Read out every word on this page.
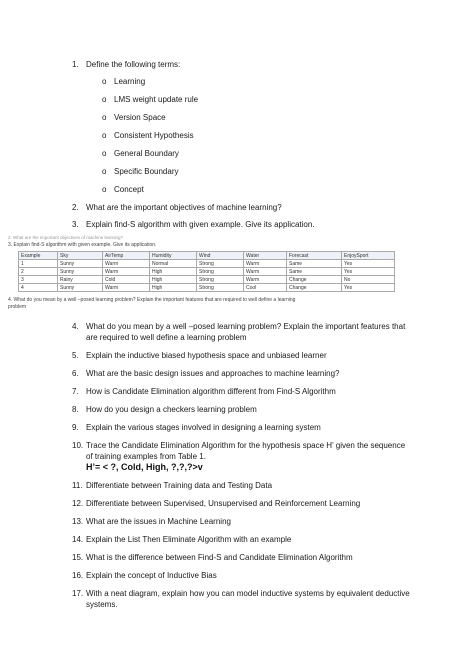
1. Define the following terms:
o Learning
o LMS weight update rule
o Version Space
o Consistent Hypothesis
o General Boundary
o Specific Boundary
o Concept
2. What are the important objectives of machine learning?
3. Explain find-S algorithm with given example. Give its application.
2. What are the important objectives of machine learning?
3. Explain find-S algorithm with given example. Give its application.
Example	Sky	AirTemp	Humidity	Wind	Water	Forecast	EnjoySport
1	Sunny	Warm	Normal	Strong	Warm	Same	Yes
2	Sunny	Warm	High	Strong	Warm	Same	Yes
3	Rainy	Cold	High	Strong	Warm	Change	No
4	Sunny	Warm	High	Strong	Cool	Change	Yes
4. What do you mean by a well –posed learning problem? Explain the important features that are required to well define a learning
problem
4. What do you mean by a well –posed learning problem? Explain the important features that are required to well define a learning problem
5. Explain the inductive biased hypothesis space and unbiased learner
6. What are the basic design issues and approaches to machine learning?
7. How is Candidate Elimination algorithm different from Find-S Algorithm
8. How do you design a checkers learning problem
9. Explain the various stages involved in designing a learning system
10. Trace the Candidate Elimination Algorithm for the hypothesis space H’ given the sequence of training examples from Table 1.
H’= < ?, Cold, High, ?,?,?>v
11. Differentiate between Training data and Testing Data
12. Differentiate between Supervised, Unsupervised and Reinforcement Learning
13. What are the issues in Machine Learning
14. Explain the List Then Eliminate Algorithm with an example
15. What is the difference between Find-S and Candidate Elimination Algorithm
16. Explain the concept of Inductive Bias
17. With a neat diagram, explain how you can model inductive systems by equivalent deductive systems.
